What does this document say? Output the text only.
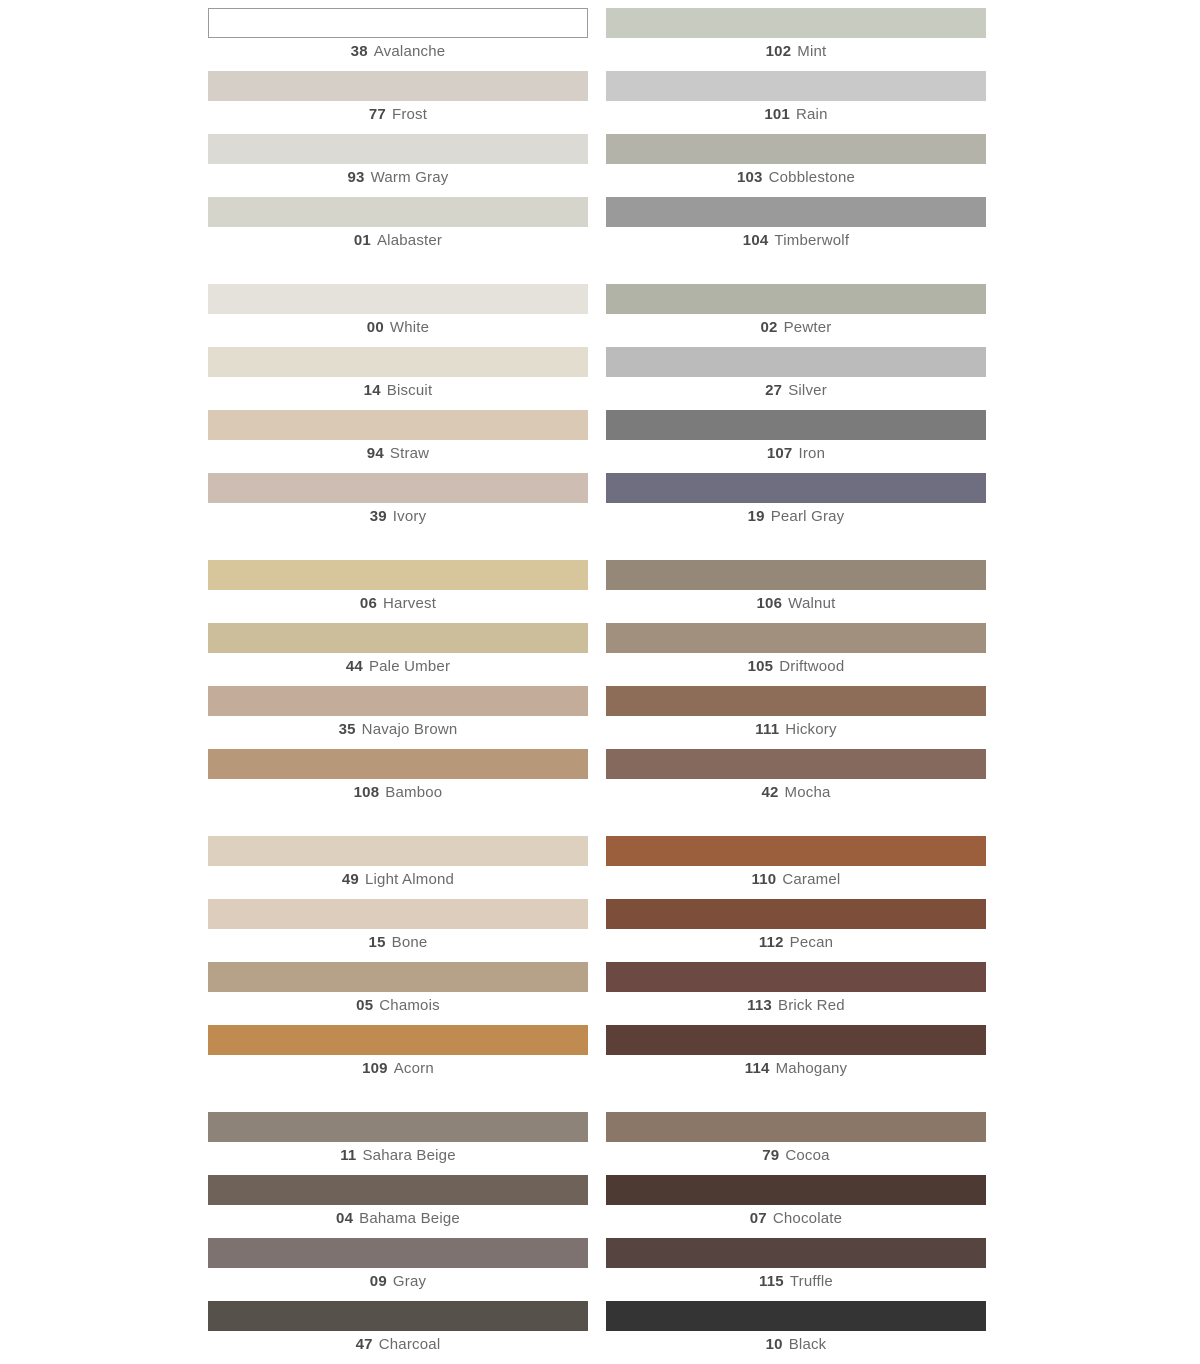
38 Avalanche
77 Frost
93 Warm Gray
01 Alabaster
00 White
14 Biscuit
94 Straw
39 Ivory
06 Harvest
44 Pale Umber
35 Navajo Brown
108 Bamboo
49 Light Almond
15 Bone
05 Chamois
109 Acorn
11 Sahara Beige
04 Bahama Beige
09 Gray
47 Charcoal
102 Mint
101 Rain
103 Cobblestone
104 Timberwolf
02 Pewter
27 Silver
107 Iron
19 Pearl Gray
106 Walnut
105 Driftwood
111 Hickory
42 Mocha
110 Caramel
112 Pecan
113 Brick Red
114 Mahogany
79 Cocoa
07 Chocolate
115 Truffle
10 Black
